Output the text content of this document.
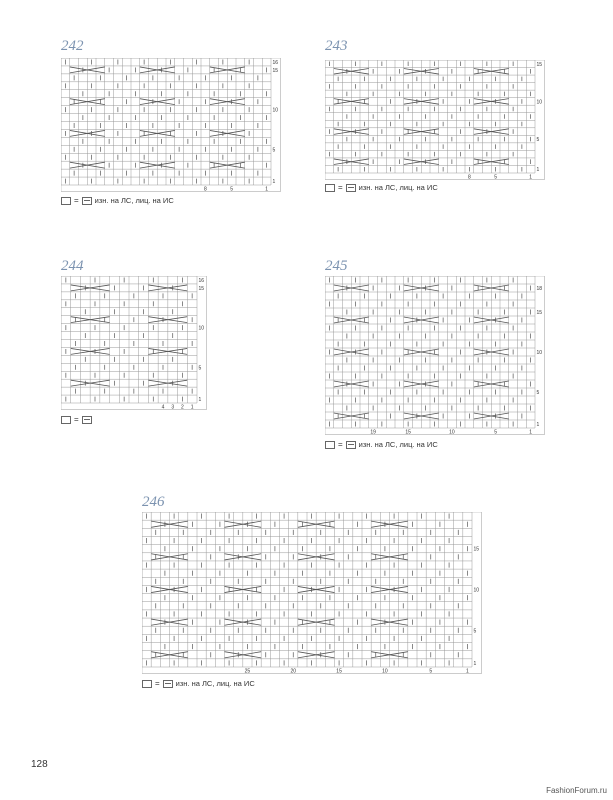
242
1
5
10
15
16
8	5	1
= изн. на ЛС, лиц. на ИС
243
1
5
10
15
8	5	1
= изн. на ЛС, лиц. на ИС
244
1
5
10
15
16
4 3 2 1
=
245
1
5
10
15
18
19	15	10	5	1
= изн. на ЛС, лиц. на ИС
246
1
5
10
15
25	20	15	10	5	1
= изн. на ЛС, лиц. на ИС
128
FashionForum.ru
